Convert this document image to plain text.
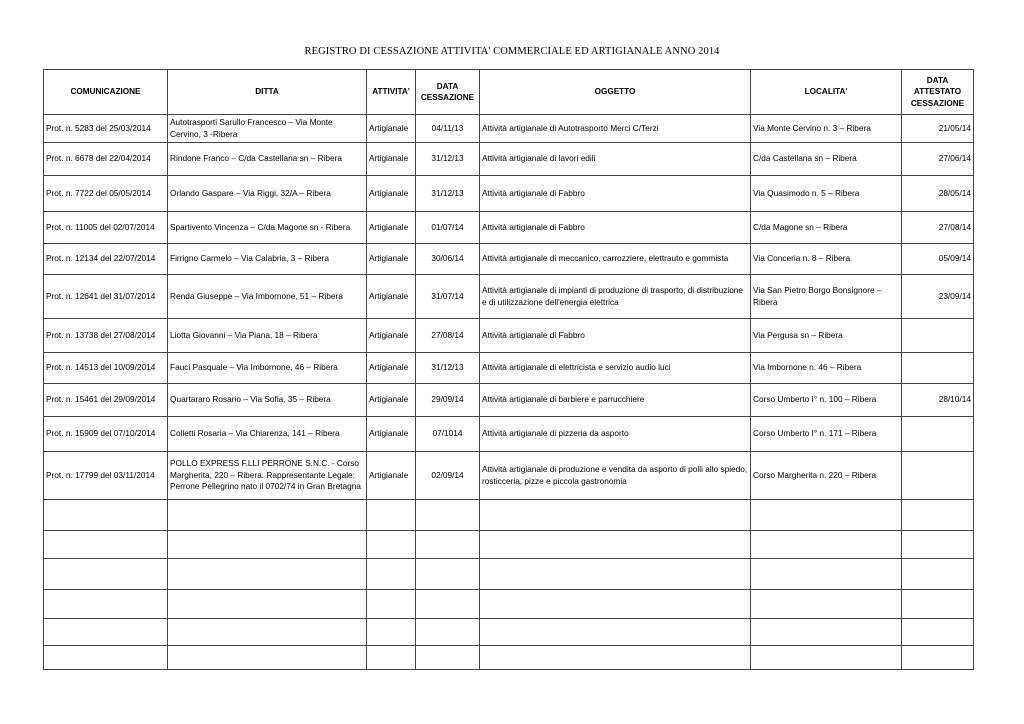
REGISTRO DI CESSAZIONE ATTIVITA' COMMERCIALE ED ARTIGIANALE ANNO 2014
COMUNICAZIONE	DITTA	ATTIVITA'	DATA CESSAZIONE	OGGETTO	LOCALITA'	DATA ATTESTATO CESSAZIONE
Prot. n. 5283 del 25/03/2014	Autotrasporti Sarullo Francesco – Via Monte Cervino, 3 -Ribera	Artigianale	04/11/13	Attività artigianale di Autotrasporto Merci C/Terzi	Via Monte Cervino n. 3 – Ribera	21/05/14
Prot. n. 6678 del 22/04/2014	Rindone Franco – C/da Castellana sn – Ribera	Artigianale	31/12/13	Attività artigianale di lavori edili	C/da Castellana sn – Ribera	27/06/14
Prot. n. 7722 del 05/05/2014	Orlando Gaspare – Via Riggi, 32/A – Ribera	Artigianale	31/12/13	Attività artigianale di Fabbro	Via Quasimodo n. 5 – Ribera	28/05/14
Prot. n. 11005 del 02/07/2014	Spartivento Vincenza – C/da Magone sn - Ribera	Artigianale	01/07/14	Attività artigianale di Fabbro	C/da Magone sn – Ribera	27/08/14
Prot. n. 12134 del 22/07/2014	Firrigno Carmelo – Via Calabria, 3 – Ribera	Artigianale	30/06/14	Attività artigianale di meccanico, carrozziere, elettrauto e gommista	Via Conceria n. 8 – Ribera	05/09/14
Prot. n. 12641 del 31/07/2014	Renda Giuseppe – Via Imbornone, 51 – Ribera	Artigianale	31/07/14	Attività artigianale di impianti di produzione di trasporto, di distribuzione e di utilizzazione dell'energia elettrica	Via San Pietro Borgo Bonsignore – Ribera	23/09/14
Prot. n. 13738 del 27/08/2014	Liotta Giovanni – Via Piana, 18 – Ribera	Artigianale	27/08/14	Attività artigianale di Fabbro	Via Pergusa sn – Ribera	
Prot. n. 14513 del 10/09/2014	Fauci Pasquale – Via Imbornone, 46 – Ribera	Artigianale	31/12/13	Attività artigianale di elettricista e servizio audio luci	Via Imbornone n. 46 – Ribera	
Prot. n. 15461 del 29/09/2014	Quartararo Rosario – Via Sofia, 35 – Ribera	Artigianale	29/09/14	Attività artigianale di barbiere e parrucchiere	Corso Umberto I° n. 100 – Ribera	28/10/14
Prot. n. 15909 del 07/10/2014	Colletti Rosaria – Via Chiarenza, 141 – Ribera	Artigianale	07/1014	Attività artigianale di pizzeria da asporto	Corso Umberto I° n. 171 – Ribera	
Prot. n. 17799 del 03/11/2014	POLLO EXPRESS F.LLI PERRONE S.N.C. - Corso Margherita, 220 – Ribera. Rappresentante Legale: Perrone Pellegrino nato il 0702/74 in Gran Bretagna	Artigianale	02/09/14	Attività artigianale di produzione e vendita da asporto di polli allo spiedo, rosticceria, pizze e piccola gastronomia	Corso Margherita n. 220 – Ribera	
